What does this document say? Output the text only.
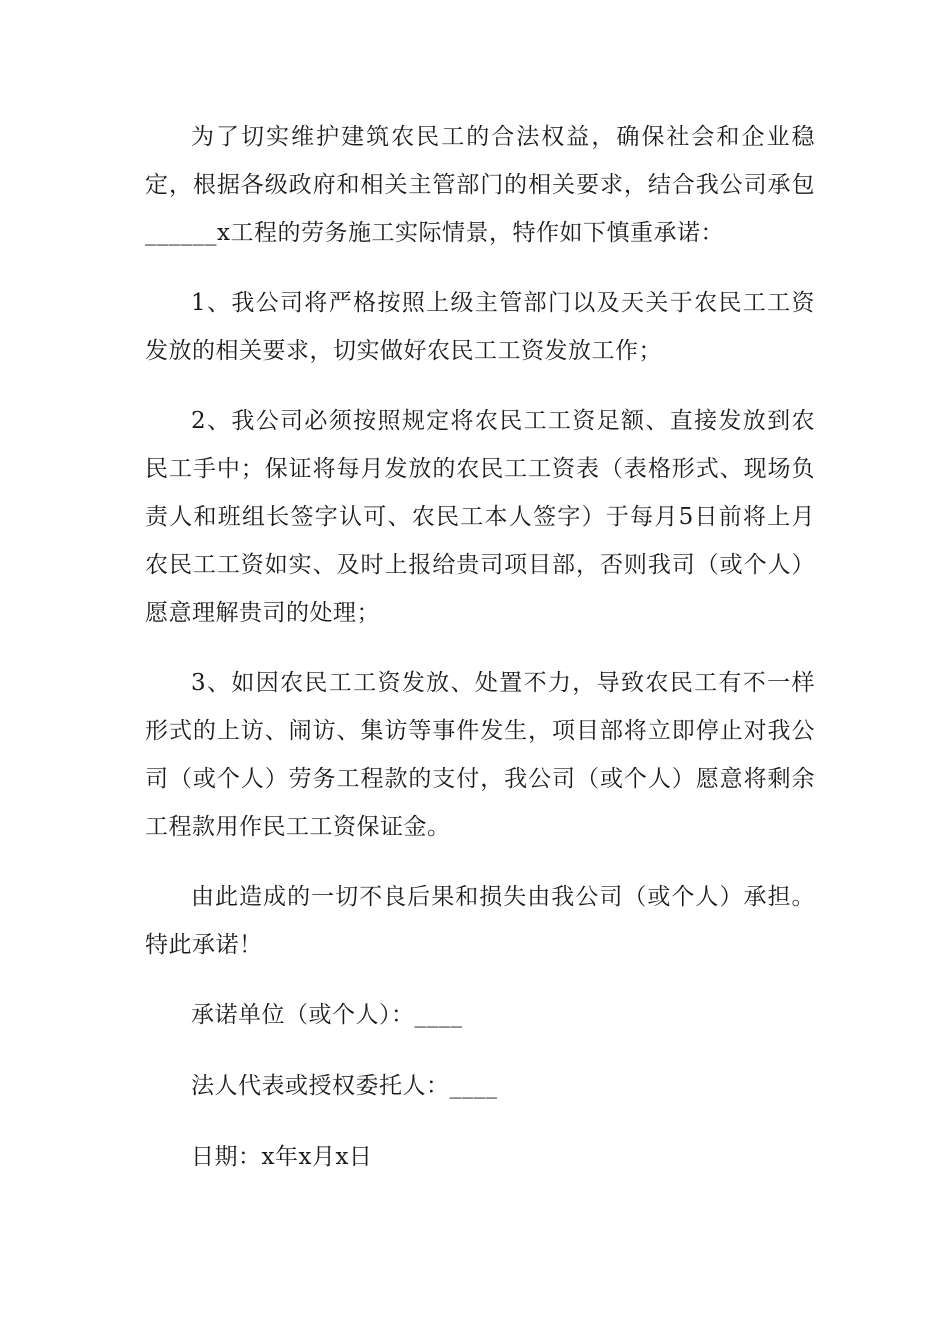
为了切实维护建筑农民工的合法权益，确保社会和企业稳定，根据各级政府和相关主管部门的相关要求，结合我公司承包______x工程的劳务施工实际情景，特作如下慎重承诺：

1、我公司将严格按照上级主管部门以及天关于农民工工资发放的相关要求，切实做好农民工工资发放工作；

2、我公司必须按照规定将农民工工资足额、直接发放到农民工手中；保证将每月发放的农民工工资表（表格形式、现场负责人和班组长签字认可、农民工本人签字）于每月5日前将上月农民工工资如实、及时上报给贵司项目部，否则我司（或个人）愿意理解贵司的处理；

3、如因农民工工资发放、处置不力，导致农民工有不一样形式的上访、闹访、集访等事件发生，项目部将立即停止对我公司（或个人）劳务工程款的支付，我公司（或个人）愿意将剩余工程款用作民工工资保证金。

由此造成的一切不良后果和损失由我公司（或个人）承担。特此承诺！

承诺单位（或个人）：____

法人代表或授权委托人：____

日期：x年x月x日
